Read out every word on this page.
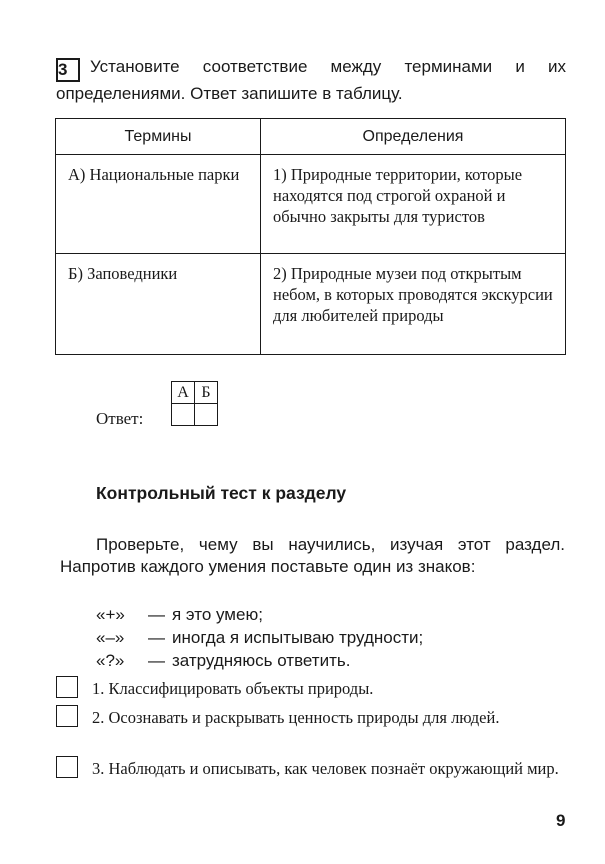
3 Установите соответствие между терминами и их определениями. Ответ запишите в таблицу.
Термины	Определения
А) Национальные парки	1) Природные территории, которые находятся под строгой охраной и обычно закрыты для туристов
Б) Заповедники	2) Природные музеи под открытым небом, в которых проводятся экскурсии для любителей природы
Ответ:
А	Б

Контрольный тест к разделу
Проверьте, чему вы научились, изучая этот раздел. Напротив каждого умения поставьте один из знаков:
«+»	— я это умею;
«–»	— иногда я испытываю трудности;
«?»	— затрудняюсь ответить.
1. Классифицировать объекты природы.
2. Осознавать и раскрывать ценность природы для людей.
3. Наблюдать и описывать, как человек познаёт окружающий мир.
9
